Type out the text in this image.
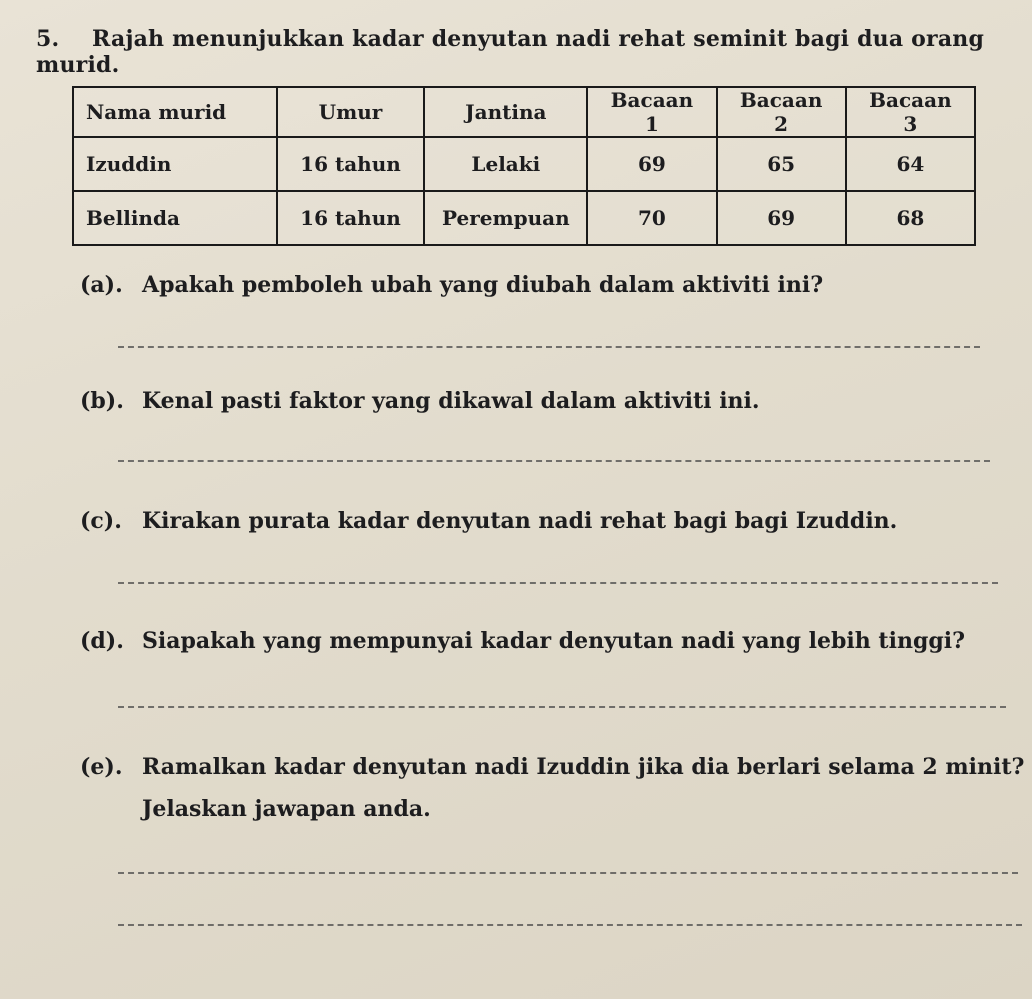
5. Rajah menunjukkan kadar denyutan nadi rehat seminit bagi dua orang murid.
Nama murid	Umur	Jantina	Bacaan 1	Bacaan 2	Bacaan 3
Izuddin	16 tahun	Lelaki	69	65	64
Bellinda	16 tahun	Perempuan	70	69	68
(a). Apakah pemboleh ubah yang diubah dalam aktiviti ini?
(b). Kenal pasti faktor yang dikawal dalam aktiviti ini.
(c). Kirakan purata kadar denyutan nadi rehat bagi bagi Izuddin.
(d). Siapakah yang mempunyai kadar denyutan nadi yang lebih tinggi?
(e). Ramalkan kadar denyutan nadi Izuddin jika dia berlari selama 2 minit?
Jelaskan jawapan anda.
